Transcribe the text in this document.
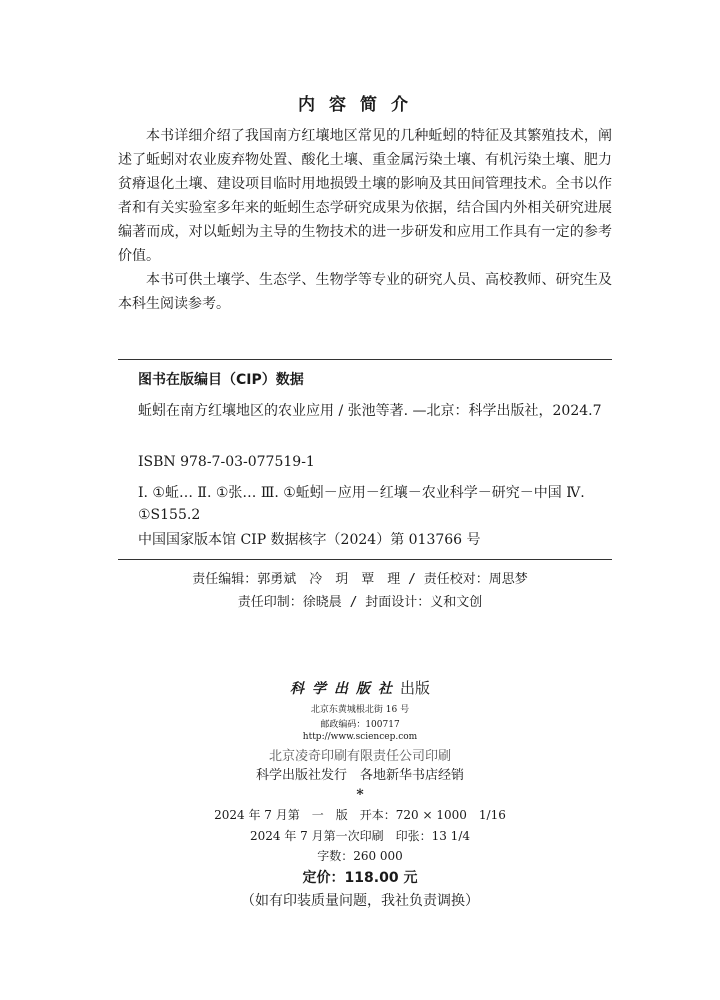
内容简介

本书详细介绍了我国南方红壤地区常见的几种蚯蚓的特征及其繁殖技术，阐述了蚯蚓对农业废弃物处置、酸化土壤、重金属污染土壤、有机污染土壤、肥力贫瘠退化土壤、建设项目临时用地损毁土壤的影响及其田间管理技术。全书以作者和有关实验室多年来的蚯蚓生态学研究成果为依据，结合国内外相关研究进展编著而成，对以蚯蚓为主导的生物技术的进一步研发和应用工作具有一定的参考价值。

本书可供土壤学、生态学、生物学等专业的研究人员、高校教师、研究生及本科生阅读参考。

图书在版编目（CIP）数据
蚯蚓在南方红壤地区的农业应用 / 张池等著. —北京：科学出版社，2024.7
ISBN 978-7-03-077519-1
Ⅰ. ①蚯… Ⅱ. ①张… Ⅲ. ①蚯蚓－应用－红壤－农业科学－研究－中国 Ⅳ. ①S155.2
中国国家版本馆 CIP 数据核字（2024）第 013766 号
责任编辑：郭勇斌　冷　玥　覃　理 / 责任校对：周思梦
责任印制：徐晓晨 / 封面设计：义和文创
科学出版社出版
北京东黄城根北街 16 号
邮政编码：100717
http://www.sciencep.com
北京凌奇印刷有限责任公司印刷
科学出版社发行　各地新华书店经销
*
2024 年 7 月第　一　版　开本：720 × 1000　1/16
2024 年 7 月第一次印刷　印张：13 1/4
字数：260 000
定价：118.00 元
（如有印装质量问题，我社负责调换）
